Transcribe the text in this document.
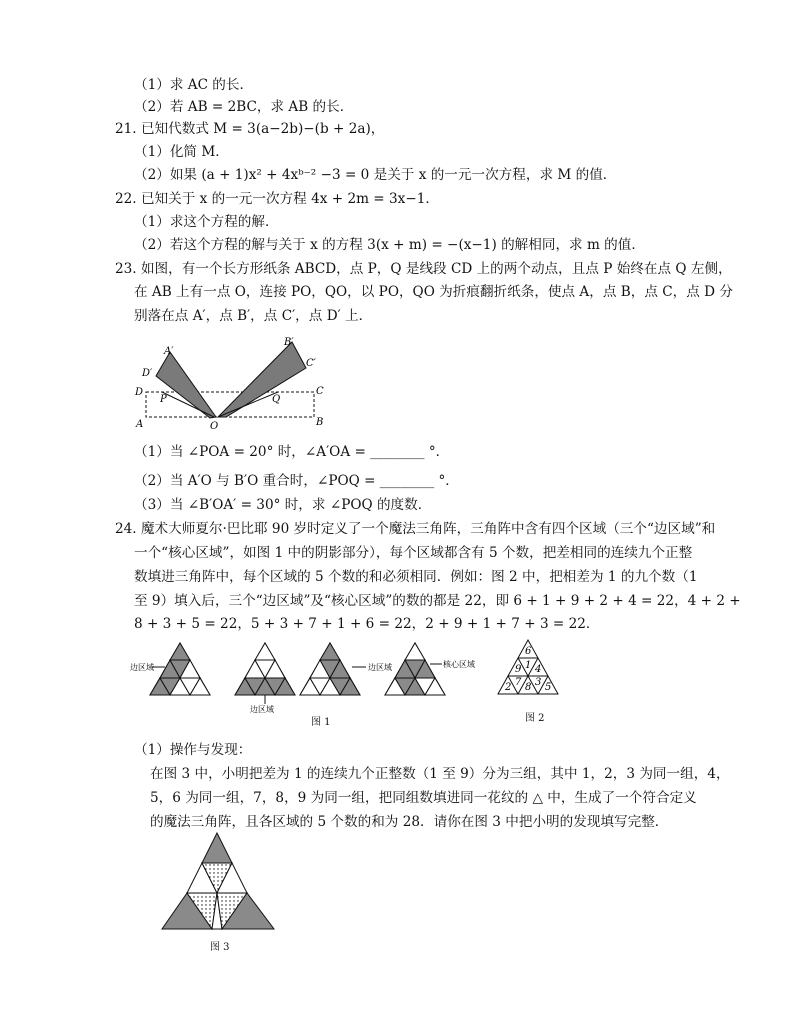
（1）求 AC 的长．
（2）若 AB = 2BC，求 AB 的长．
21. 已知代数式 M = 3(a−2b)−(b + 2a)，
（1）化简 M．
（2）如果 (a + 1)x² + 4xᵇ⁻² −3 = 0 是关于 x 的一元一次方程，求 M 的值．
22. 已知关于 x 的一元一次方程 4x + 2m = 3x−1．
（1）求这个方程的解．
（2）若这个方程的解与关于 x 的方程 3(x + m) = −(x−1) 的解相同，求 m 的值．
23. 如图，有一个长方形纸条 ABCD，点 P，Q 是线段 CD 上的两个动点，且点 P 始终在点 Q 左侧，
在 AB 上有一点 O，连接 PO，QO，以 PO，QO 为折痕翻折纸条，使点 A，点 B，点 C，点 D 分
别落在点 A′，点 B′，点 C′，点 D′ 上．
A′
B′
D′
C′
D	C
P	Q
A	O	B
（1）当 ∠POA = 20° 时，∠A′OA = ________ °．
（2）当 A′O 与 B′O 重合时，∠POQ = ________ °．
（3）当 ∠B′OA′ = 30° 时，求 ∠POQ 的度数．
24. 魔术大师夏尔·巴比耶 90 岁时定义了一个魔法三角阵，三角阵中含有四个区域（三个“边区域”和
一个“核心区域”，如图 1 中的阴影部分），每个区域都含有 5 个数，把差相同的连续九个正整
数填进三角阵中，每个区域的 5 个数的和必须相同．例如：图 2 中，把相差为 1 的九个数（1
至 9）填入后，三个“边区域”及“核心区域”的数的都是 22，即 6 + 1 + 9 + 2 + 4 = 22，4 + 2 +
8 + 3 + 5 = 22，5 + 3 + 7 + 1 + 6 = 22，2 + 9 + 1 + 7 + 3 = 22．
边区域
边区域
边区域	核心区域
图 1
6
9 1 4
2 7 8 3 5
图 2
（1）操作与发现：
在图 3 中，小明把差为 1 的连续九个正整数（1 至 9）分为三组，其中 1，2，3 为同一组，4，
5，6 为同一组，7，8，9 为同一组，把同组数填进同一花纹的 △ 中，生成了一个符合定义
的魔法三角阵，且各区域的 5 个数的和为 28．请你在图 3 中把小明的发现填写完整．
图 3
